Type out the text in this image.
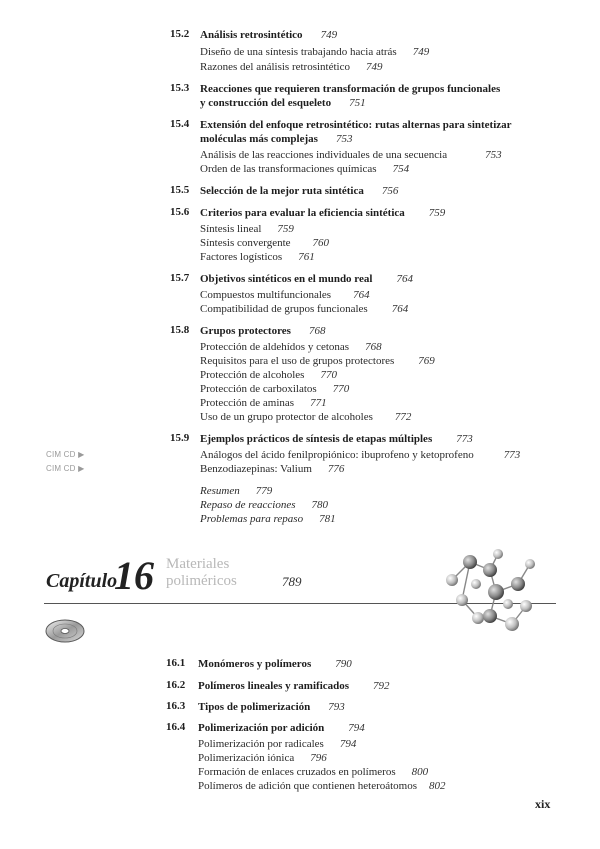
15.2 Análisis retrosintético 749
Diseño de una síntesis trabajando hacia atrás 749
Razones del análisis retrosintético 749
15.3 Reacciones que requieren transformación de grupos funcionales
y construcción del esqueleto 751
15.4 Extensión del enfoque retrosintético: rutas alternas para sintetizar
moléculas más complejas 753
Análisis de las reacciones individuales de una secuencia	753
Orden de las transformaciones químicas 754
15.5 Selección de la mejor ruta sintética 756
15.6 Criterios para evaluar la eficiencia sintética 759
Síntesis lineal 759
Síntesis convergente 760
Factores logísticos 761
15.7 Objetivos sintéticos en el mundo real 764
Compuestos multifuncionales 764
Compatibilidad de grupos funcionales 764
15.8 Grupos protectores 768
Protección de aldehídos y cetonas 768
Requisitos para el uso de grupos protectores 769
Protección de alcoholes 770
Protección de carboxilatos 770
Protección de aminas 771
Uso de un grupo protector de alcoholes 772
15.9 Ejemplos prácticos de síntesis de etapas múltiples 773
CIM CD ▶	Análogos del ácido fenilpropiónico: ibuprofeno y ketoprofeno	773
CIM CD ▶	Benzodiazepinas: Valium 776
Resumen 779
Repaso de reacciones 780
Problemas para repaso 781
Capítulo
16 Materiales
poliméricos	789
16.1 Monómeros y polímeros 790
16.2 Polímeros lineales y ramificados 792
16.3 Tipos de polimerización 793
16.4 Polimerización por adición 794
Polimerización por radicales 794
Polimerización iónica 796
Formación de enlaces cruzados en polímeros 800
Polímeros de adición que contienen heteroátomos 802
xix
